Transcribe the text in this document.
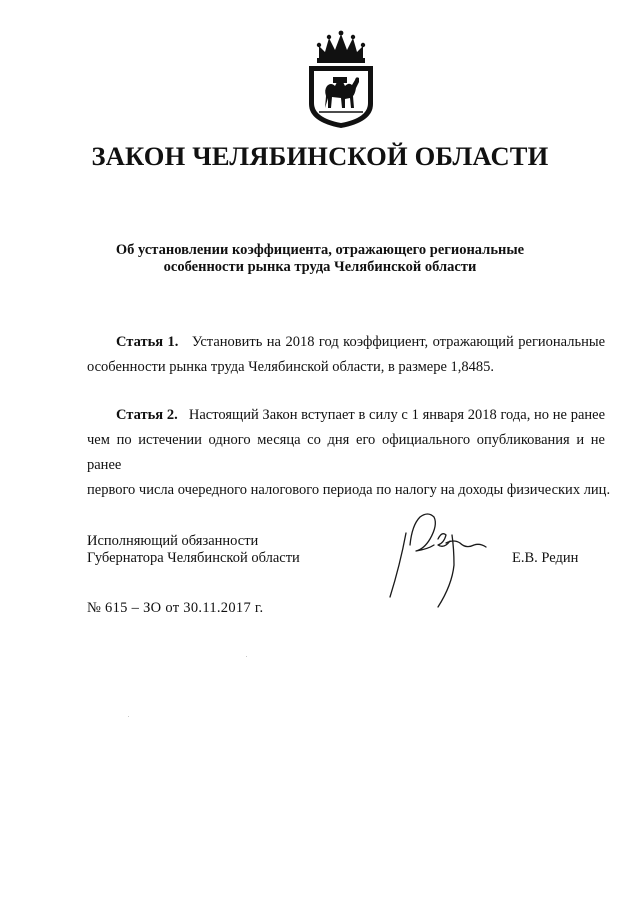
ЗАКОН ЧЕЛЯБИНСКОЙ ОБЛАСТИ
Об установлении коэффициента, отражающего региональные
особенности рынка труда Челябинской области
Статья 1. Установить на 2018 год коэффициент, отражающий региональные
особенности рынка труда Челябинской области, в размере 1,8485.
Статья 2. Настоящий Закон вступает в силу с 1 января 2018 года, но не ранее
чем по истечении одного месяца со дня его официального опубликования и не ранее
первого числа очередного налогового периода по налогу на доходы физических лиц.
Исполняющий обязанности
Губернатора Челябинской области	Е.В. Редин
№ 615 – ЗО от 30.11.2017 г.
